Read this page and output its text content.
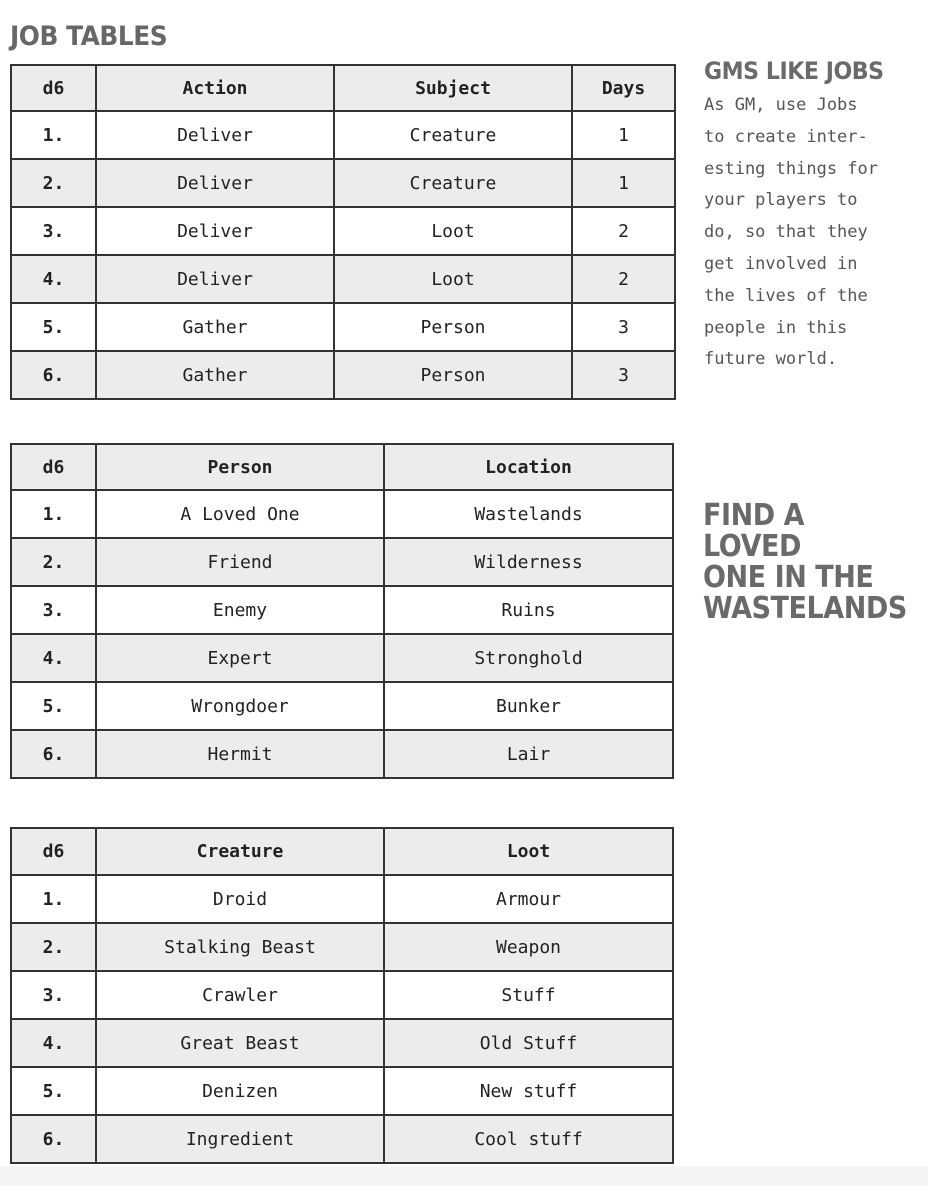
JOB TABLES
d6	Action	Subject	Days
1.	Deliver	Creature	1
2.	Deliver	Creature	1
3.	Deliver	Loot	2
4.	Deliver	Loot	2
5.	Gather	Person	3
6.	Gather	Person	3
d6	Person	Location
1.	A Loved One	Wastelands
2.	Friend	Wilderness
3.	Enemy	Ruins
4.	Expert	Stronghold
5.	Wrongdoer	Bunker
6.	Hermit	Lair
d6	Creature	Loot
1.	Droid	Armour
2.	Stalking Beast	Weapon
3.	Crawler	Stuff
4.	Great Beast	Old Stuff
5.	Denizen	New stuff
6.	Ingredient	Cool stuff
GMS LIKE JOBS

As GM, use Jobs
to create inter-
esting things for
your players to
do, so that they
get involved in
the lives of the
people in this
future world.

FIND A LOVED
ONE IN THE
WASTELANDS
